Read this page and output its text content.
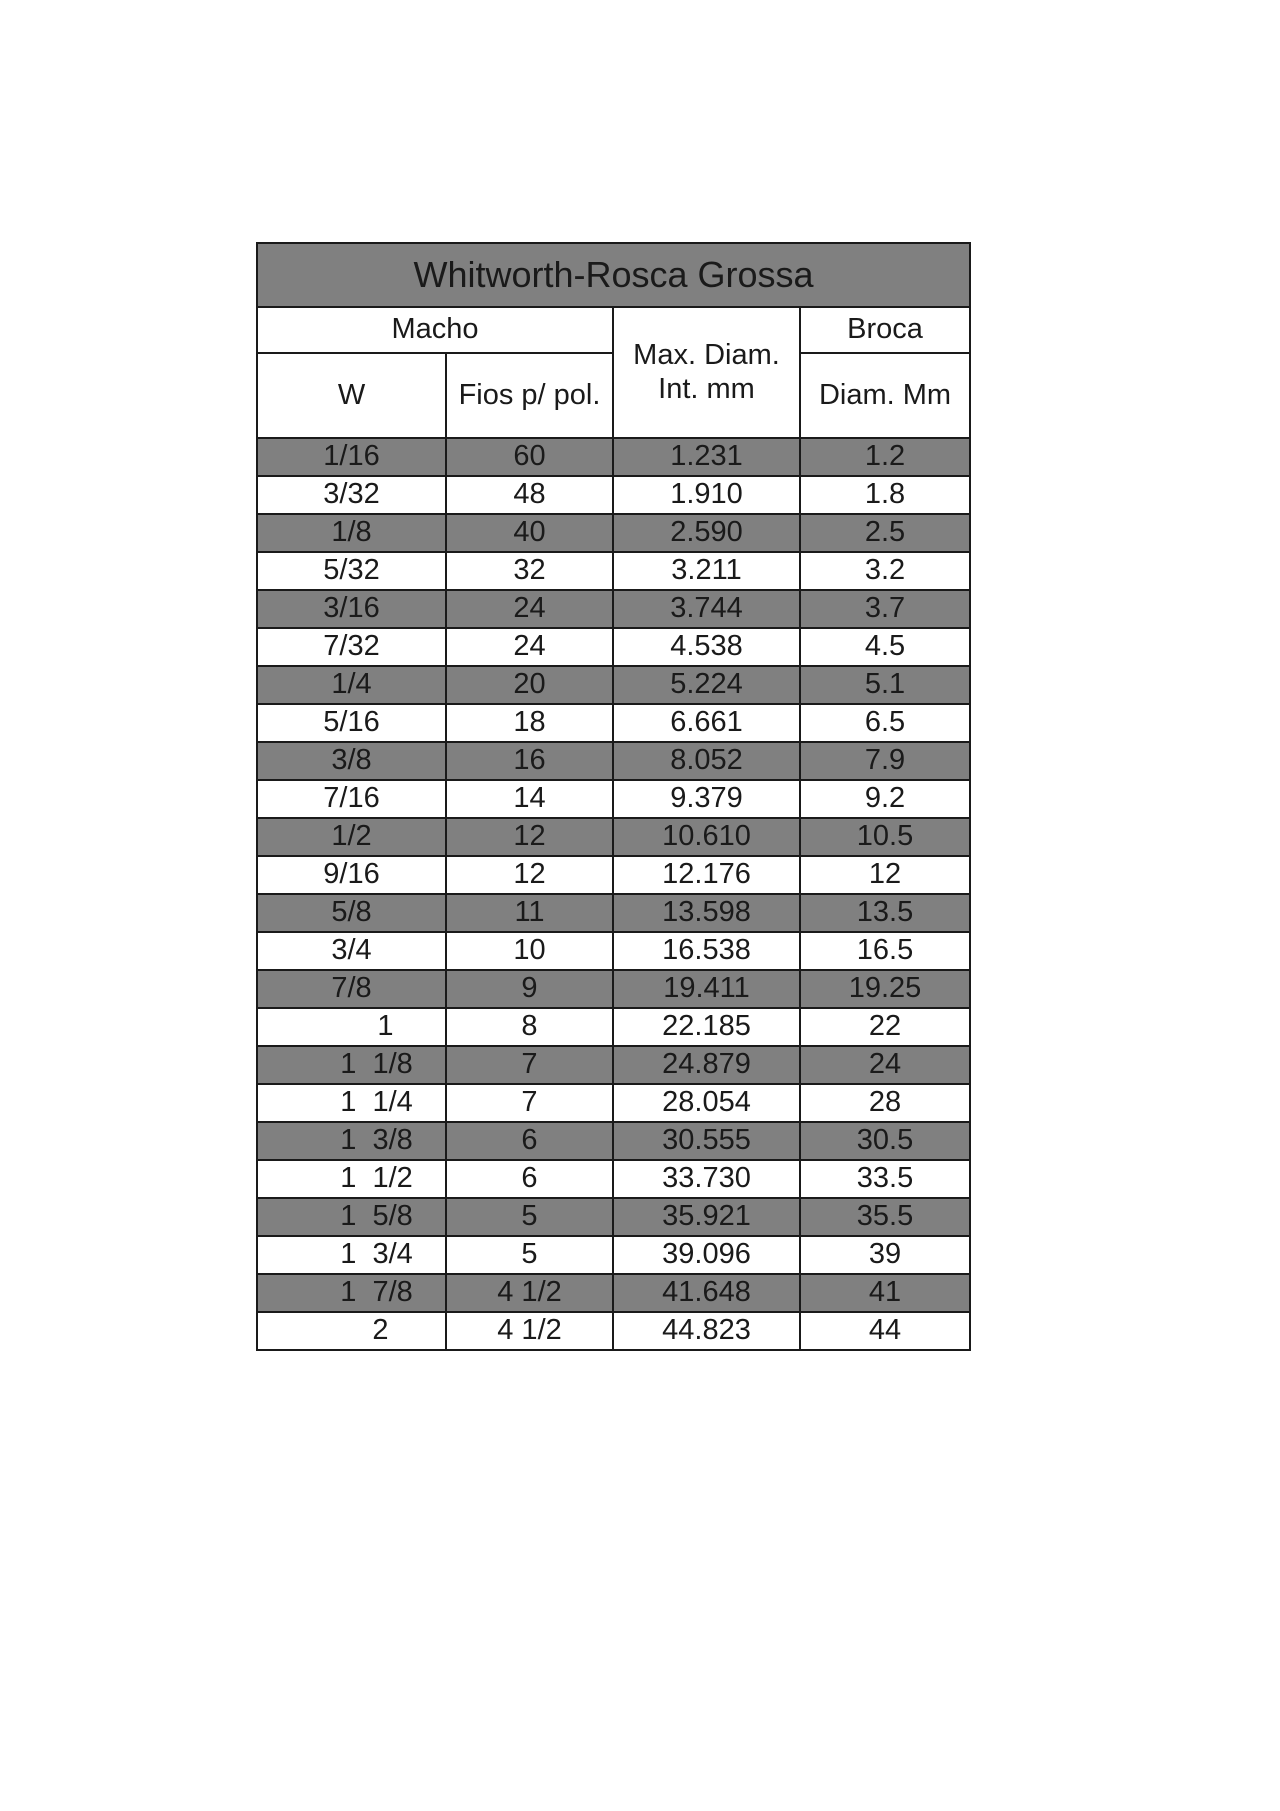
Whitworth-Rosca Grossa			
Macho		Max. Diam. Int. mm	Broca
W	Fios p/ pol.		Diam. Mm
1/16	60	1.231	1.2
3/32	48	1.910	1.8
1/8	40	2.590	2.5
5/32	32	3.211	3.2
3/16	24	3.744	3.7
7/32	24	4.538	4.5
1/4	20	5.224	5.1
5/16	18	6.661	6.5
3/8	16	8.052	7.9
7/16	14	9.379	9.2
1/2	12	10.610	10.5
9/16	12	12.176	12
5/8	11	13.598	13.5
3/4	10	16.538	16.5
7/8	9	19.411	19.25
1	8	22.185	22
1  1/8	7	24.879	24
1  1/4	7	28.054	28
1  3/8	6	30.555	30.5
1  1/2	6	33.730	33.5
1  5/8	5	35.921	35.5
1  3/4	5	39.096	39
1  7/8	4 1/2	41.648	41
2	4 1/2	44.823	44
